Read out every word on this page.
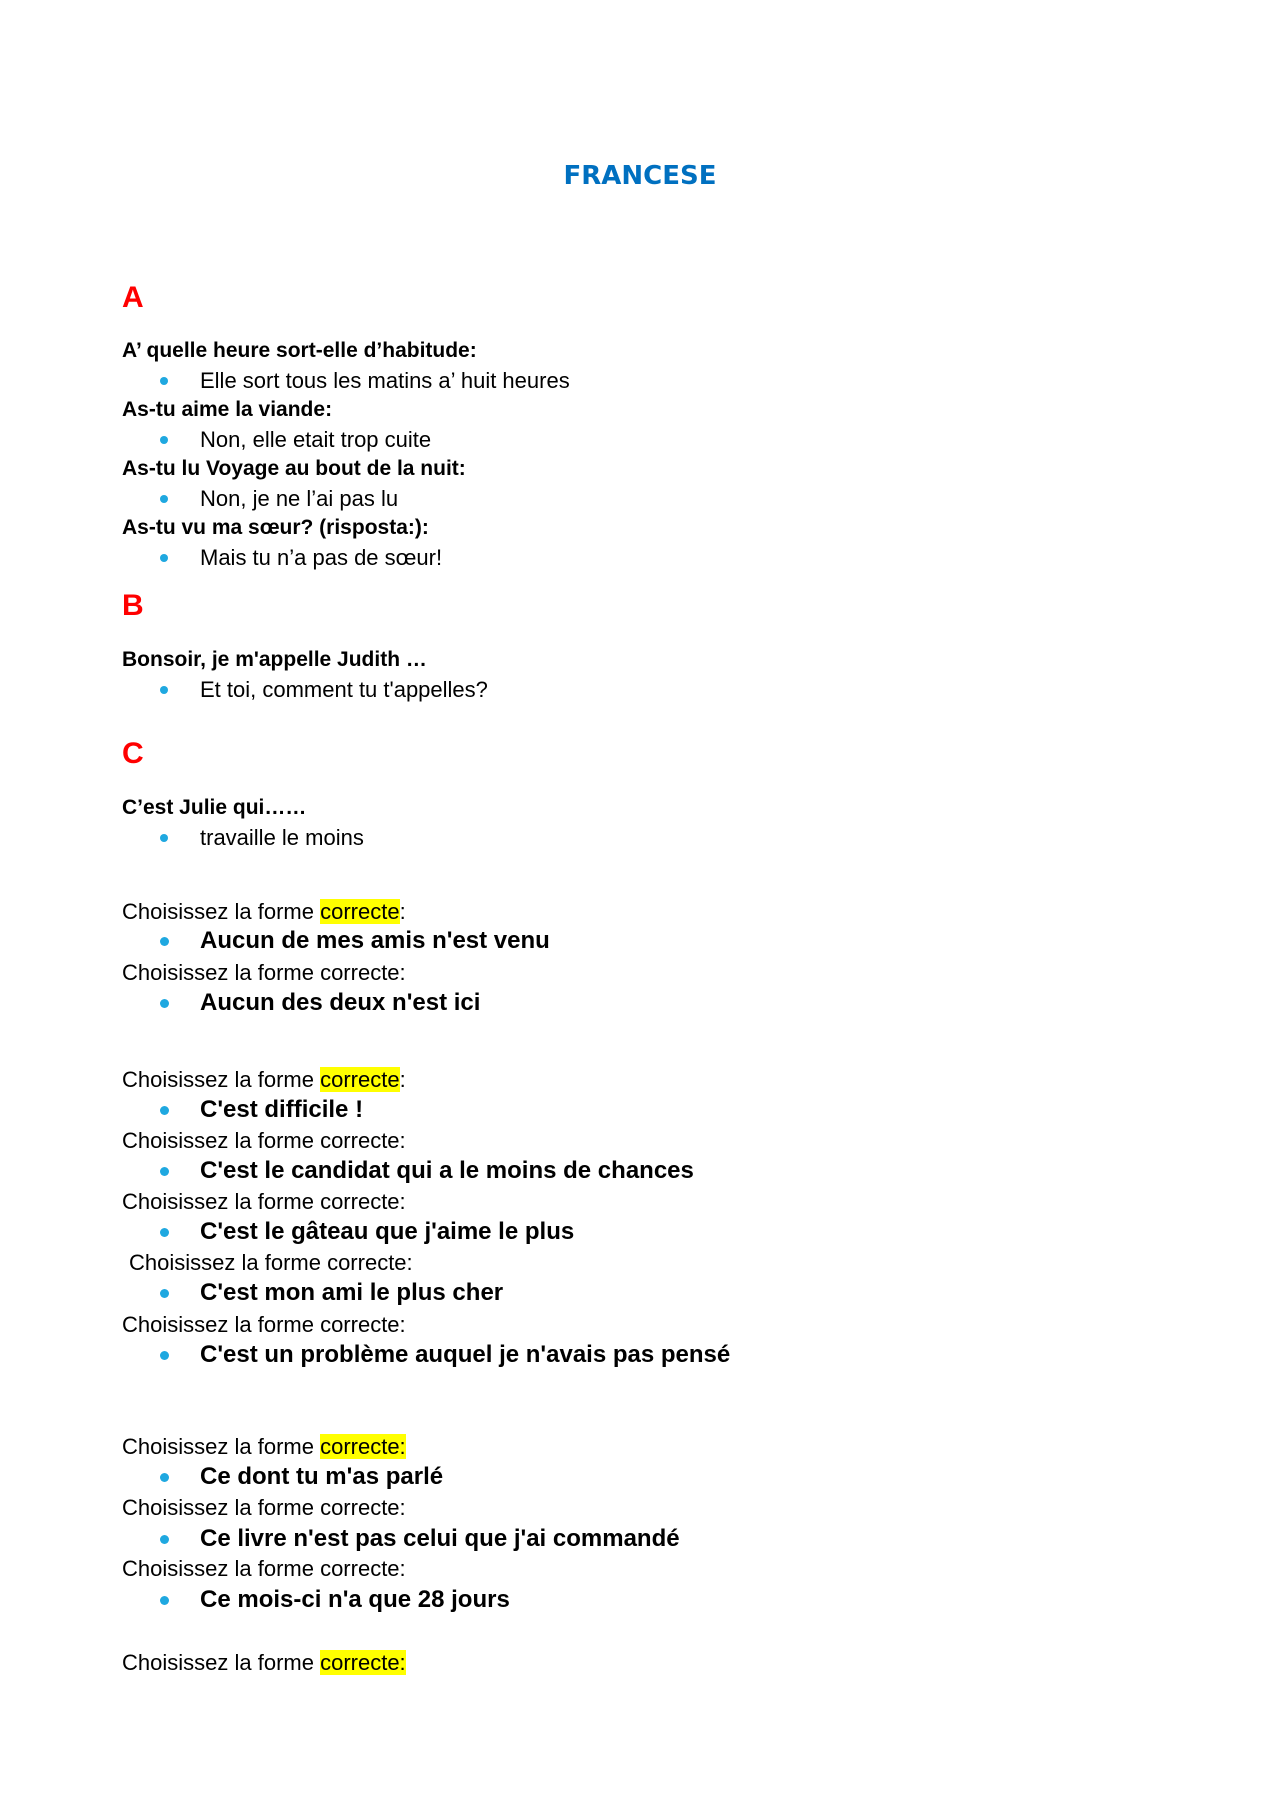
FRANCESE
A
A’ quelle heure sort-elle d’habitude:
Elle sort tous les matins a’ huit heures
As-tu aime la viande:
Non, elle etait trop cuite
As-tu lu Voyage au bout de la nuit:
Non, je ne l’ai pas lu
As-tu vu ma sœur? (risposta:):
Mais tu n’a pas de sœur!
B
Bonsoir, je m'appelle Judith …
Et toi, comment tu t'appelles?
C
C’est Julie qui……
travaille le moins
Choisissez la forme correcte:
Aucun de mes amis n'est venu
Choisissez la forme correcte:
Aucun des deux n'est ici
Choisissez la forme correcte:
C'est difficile !
Choisissez la forme correcte:
C'est le candidat qui a le moins de chances
Choisissez la forme correcte:
C'est le gâteau que j'aime le plus
Choisissez la forme correcte:
C'est mon ami le plus cher
Choisissez la forme correcte:
C'est un problème auquel je n'avais pas pensé
Choisissez la forme correcte:
Ce dont tu m'as parlé
Choisissez la forme correcte:
Ce livre n'est pas celui que j'ai commandé
Choisissez la forme correcte:
Ce mois-ci n'a que 28 jours
Choisissez la forme correcte:
